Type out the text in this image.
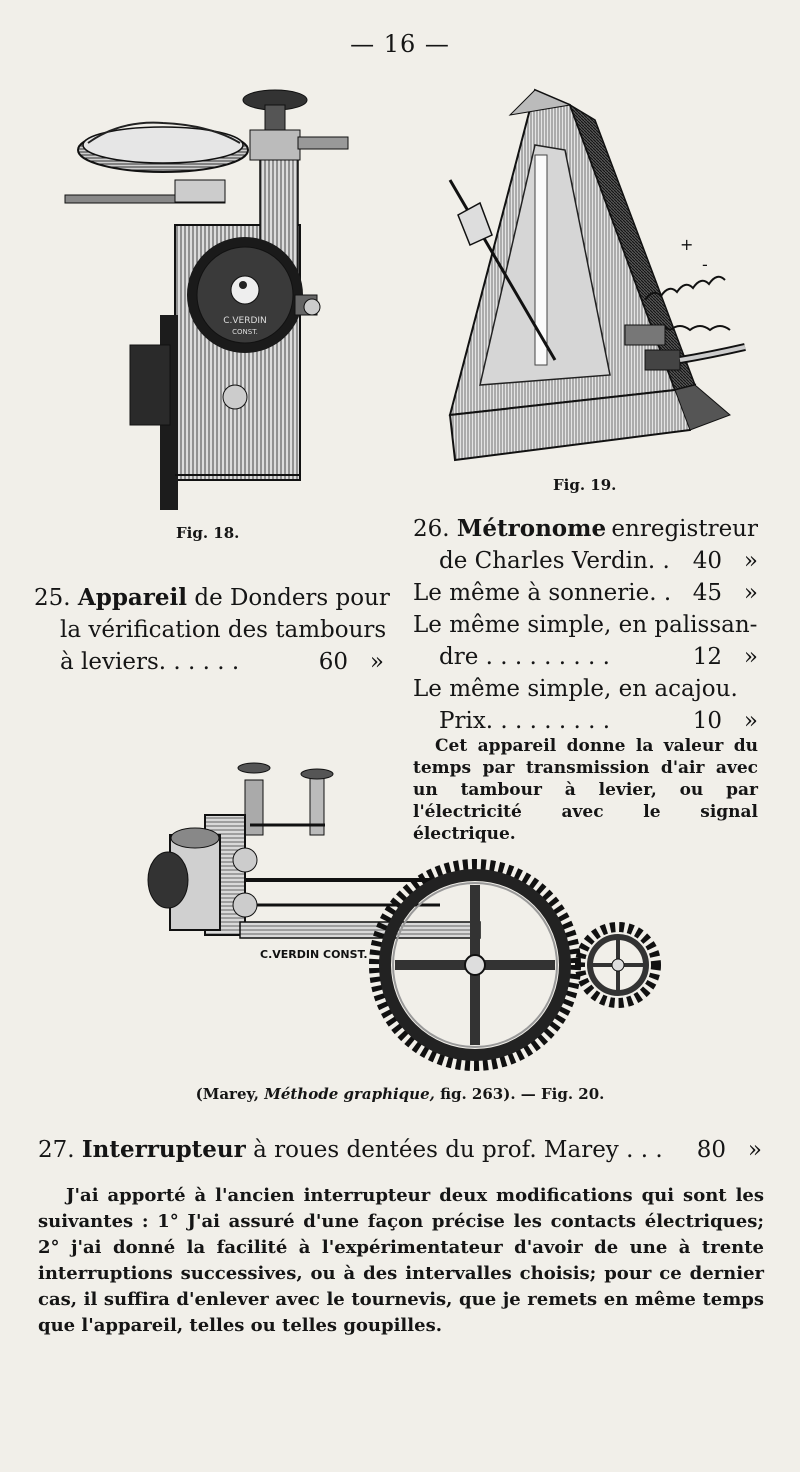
— 16 —
C.VERDIN
CONST.
Fig. 18.
+
-
Fig. 19.
26. Métronome enregistreur
de Charles Verdin. . 40 »
Le même à sonnerie. . 45 »
Le même simple, en palissan-
dre . . . . . . . . .	12 »
Le même simple, en acajou.
Prix. . . . . . . . .	10 »
Cet appareil donne la valeur du temps par transmission d'air avec un tambour à levier, ou par l'électricité avec le signal électrique.
25. Appareil de Donders pour
la vérification des tambours
à leviers. . . . . .	60 »
C.VERDIN CONST.
(Marey, Méthode graphique, fig. 263). — Fig. 20.
27. Interrupteur à roues dentées du prof. Marey . . . 80 »
J'ai apporté à l'ancien interrupteur deux modifications qui sont les suivantes : 1° J'ai assuré d'une façon précise les contacts électriques; 2° j'ai donné la facilité à l'expérimentateur d'avoir de une à trente interruptions successives, ou à des intervalles choisis; pour ce dernier cas, il suffira d'enlever avec le tournevis, que je remets en même temps que l'appareil, telles ou telles goupilles.
